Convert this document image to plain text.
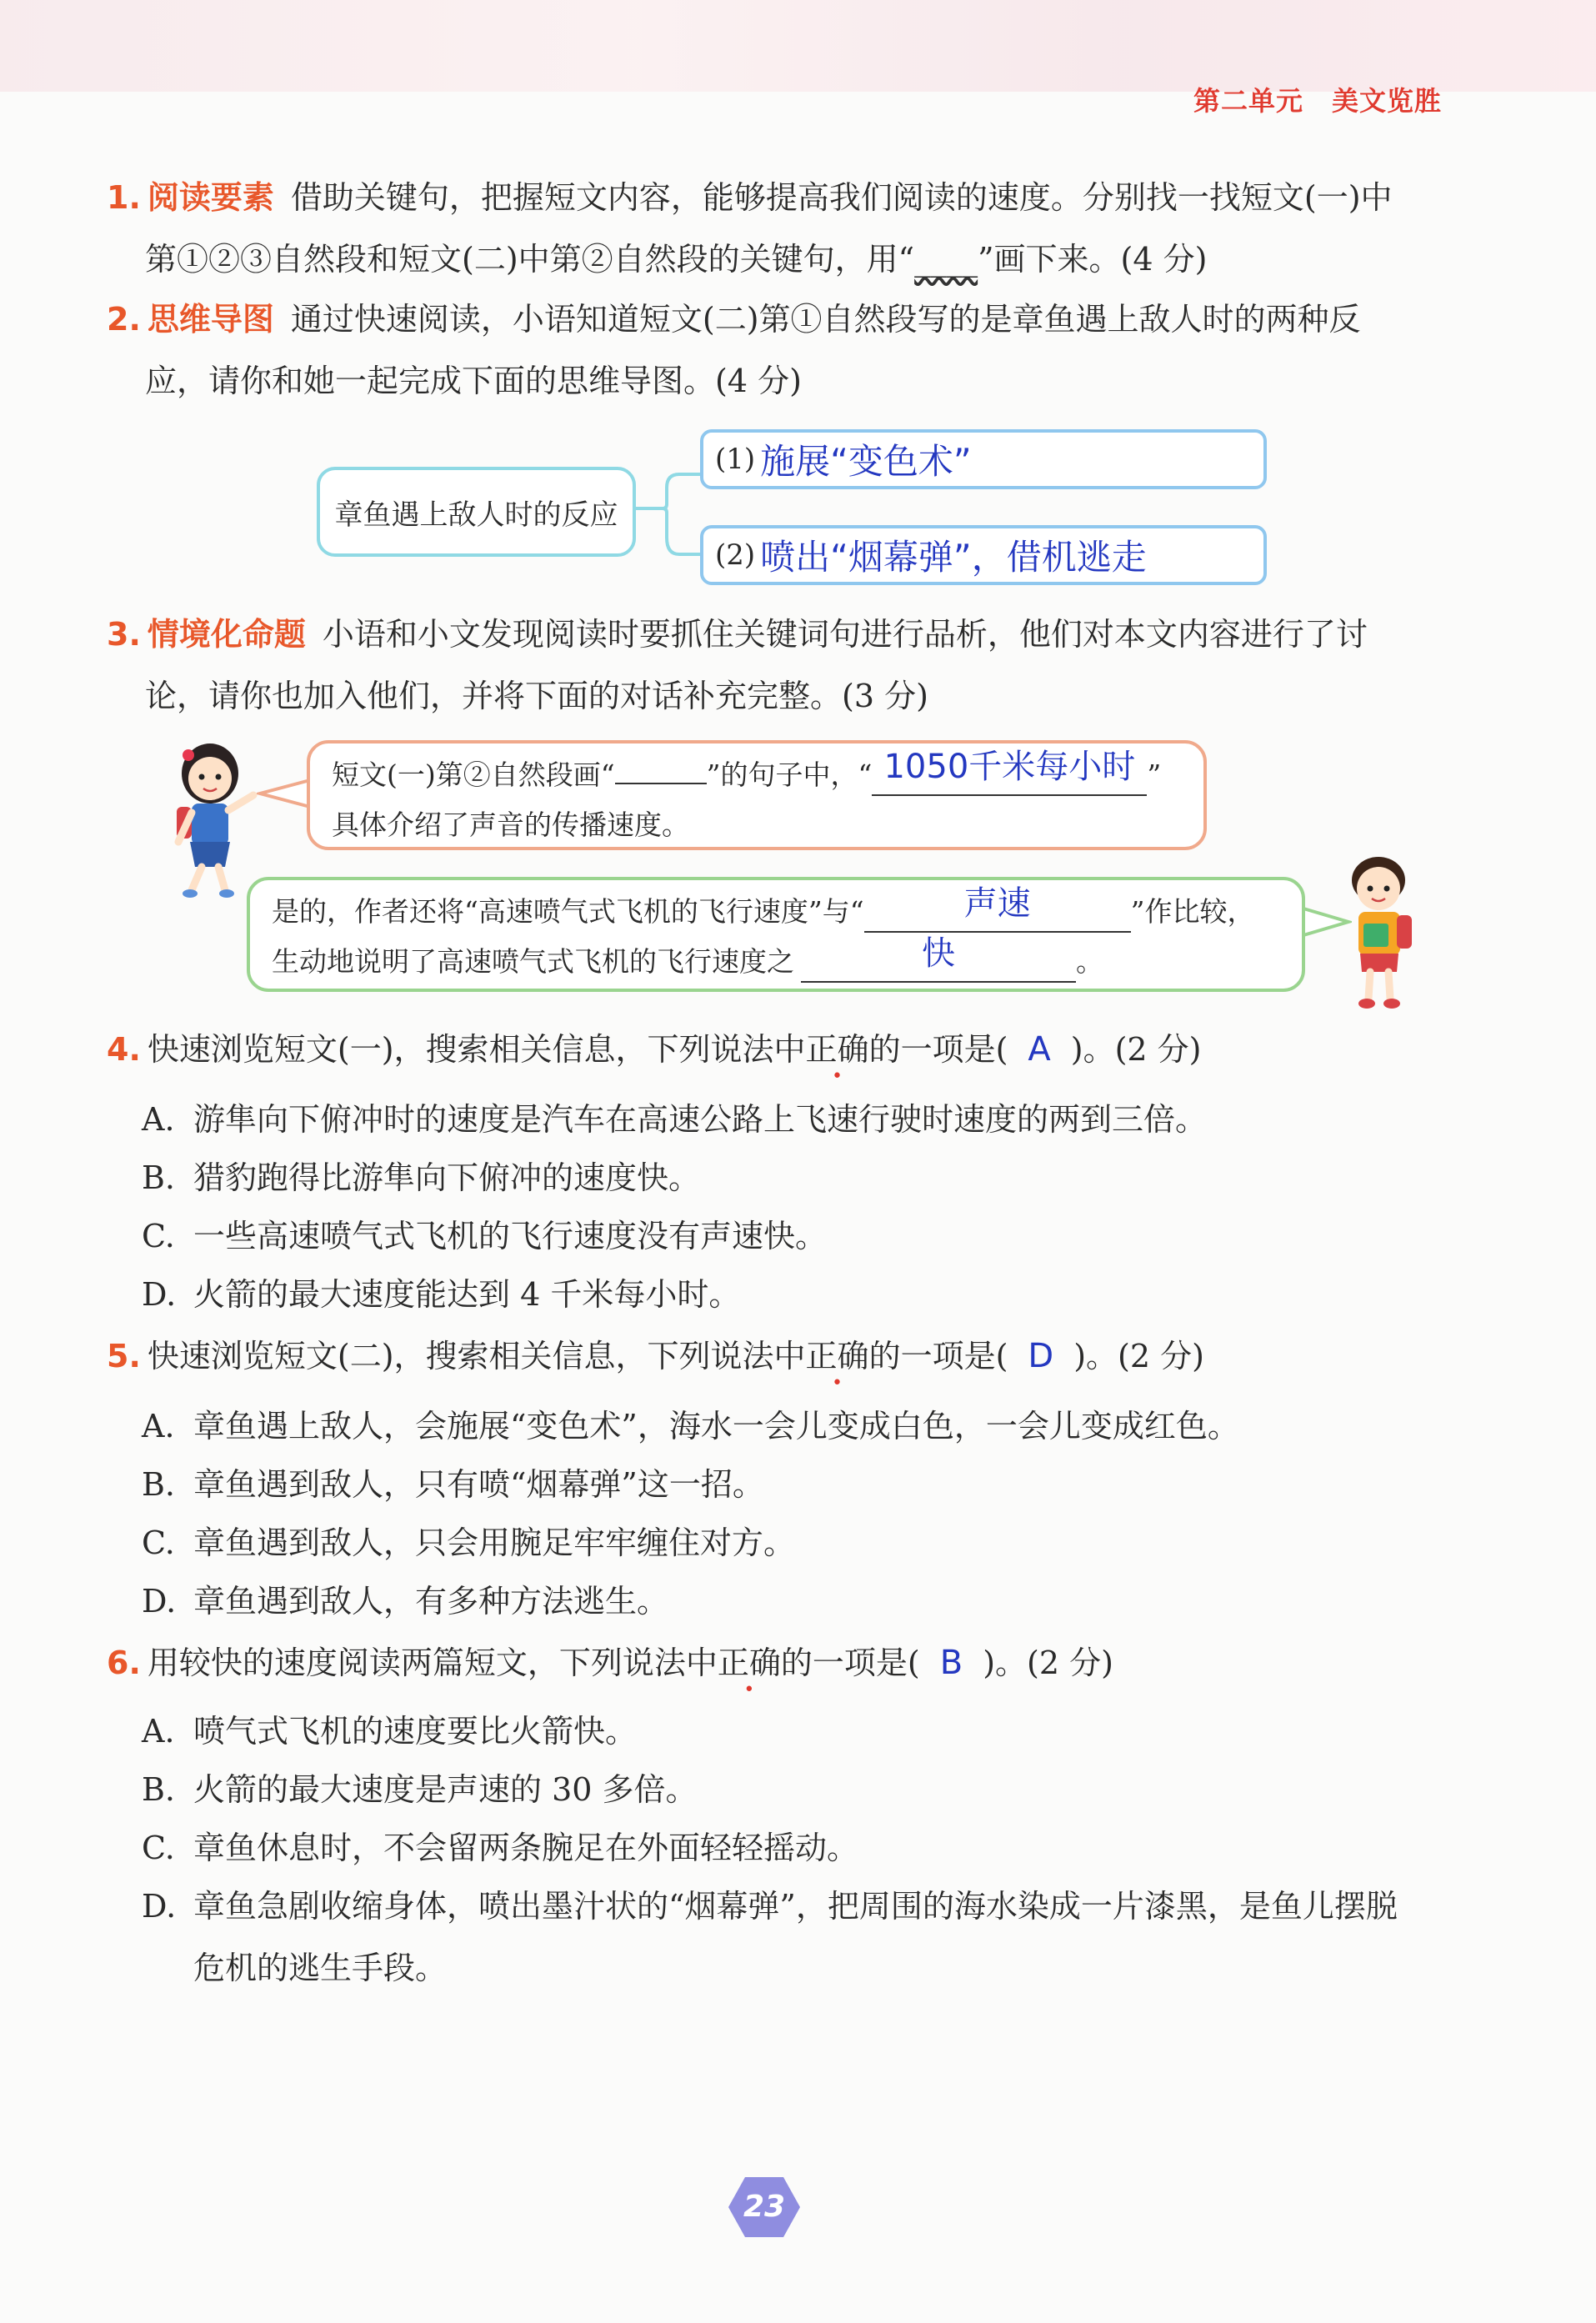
第二单元 美文览胜
1. 阅读要素 借助关键句，把握短文内容，能够提高我们阅读的速度。分别找一找短文(一)中
第①②③自然段和短文(二)中第②自然段的关键句，用“____”画下来。(4 分)
2. 思维导图 通过快速阅读，小语知道短文(二)第①自然段写的是章鱼遇上敌人时的两种反
应，请你和她一起完成下面的思维导图。(4 分)
章鱼遇上敌人时的反应
(1) 施展“变色术”
(2) 喷出“烟幕弹”，借机逃走
3. 情境化命题 小语和小文发现阅读时要抓住关键词句进行品析，他们对本文内容进行了讨
论，请你也加入他们，并将下面的对话补充完整。(3 分)
短文(一)第②自然段画“	”的句子中，“ 1050千米每小时 ”
具体介绍了声音的传播速度。
是的，作者还将“高速喷气式飞机的飞行速度”与“	声速	”作比较，
生动地说明了高速喷气式飞机的飞行速度之	快	。
4. 快速浏览短文(一)，搜索相关信息，下列说法中正确的一项是( A )。(2 分)
A. 游隼向下俯冲时的速度是汽车在高速公路上飞速行驶时速度的两到三倍。
B. 猎豹跑得比游隼向下俯冲的速度快。
C. 一些高速喷气式飞机的飞行速度没有声速快。
D. 火箭的最大速度能达到 4 千米每小时。
5. 快速浏览短文(二)，搜索相关信息，下列说法中正确的一项是( D )。(2 分)
A. 章鱼遇上敌人，会施展“变色术”，海水一会儿变成白色，一会儿变成红色。
B. 章鱼遇到敌人，只有喷“烟幕弹”这一招。
C. 章鱼遇到敌人，只会用腕足牢牢缠住对方。
D. 章鱼遇到敌人，有多种方法逃生。
6. 用较快的速度阅读两篇短文，下列说法中正确的一项是( B )。(2 分)
A. 喷气式飞机的速度要比火箭快。
B. 火箭的最大速度是声速的 30 多倍。
C. 章鱼休息时，不会留两条腕足在外面轻轻摇动。
D. 章鱼急剧收缩身体，喷出墨汁状的“烟幕弹”，把周围的海水染成一片漆黑，是鱼儿摆脱
危机的逃生手段。
23
